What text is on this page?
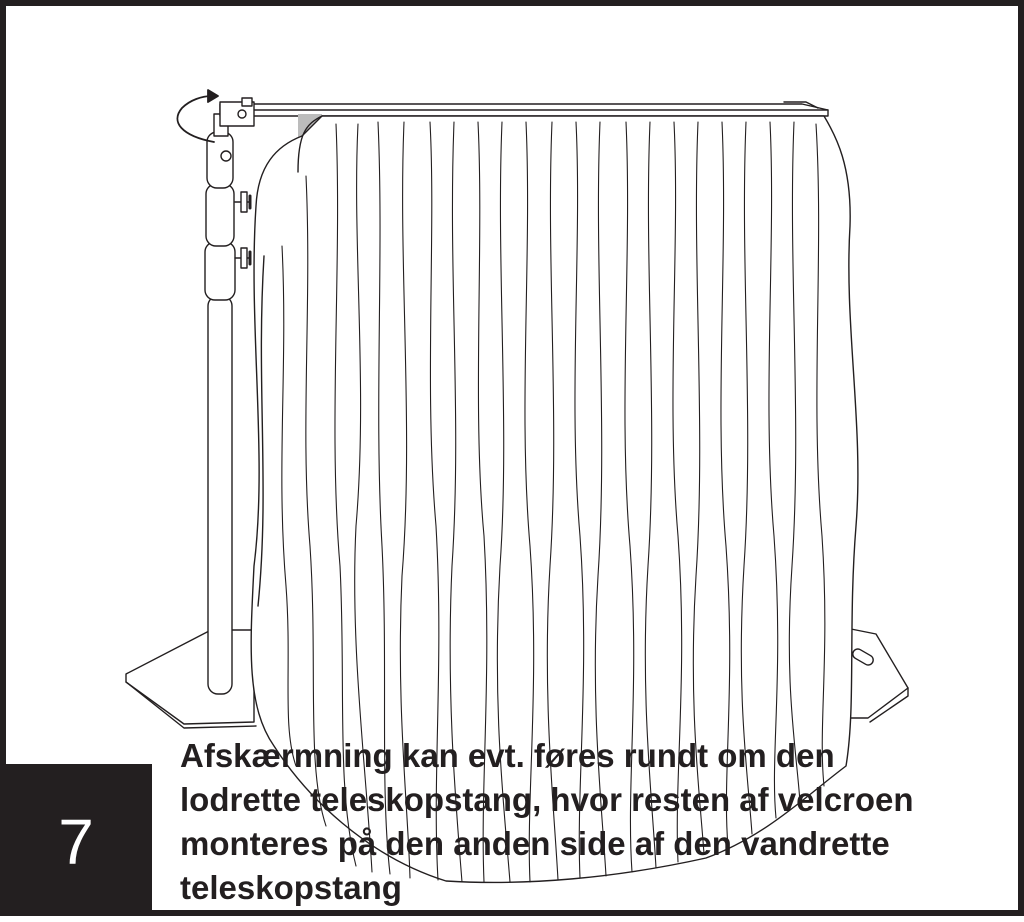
Afskærmning kan evt. føres rundt om den
lodrette teleskopstang, hvor resten af velcroen
monteres på den anden side af den vandrette
teleskopstang
7
